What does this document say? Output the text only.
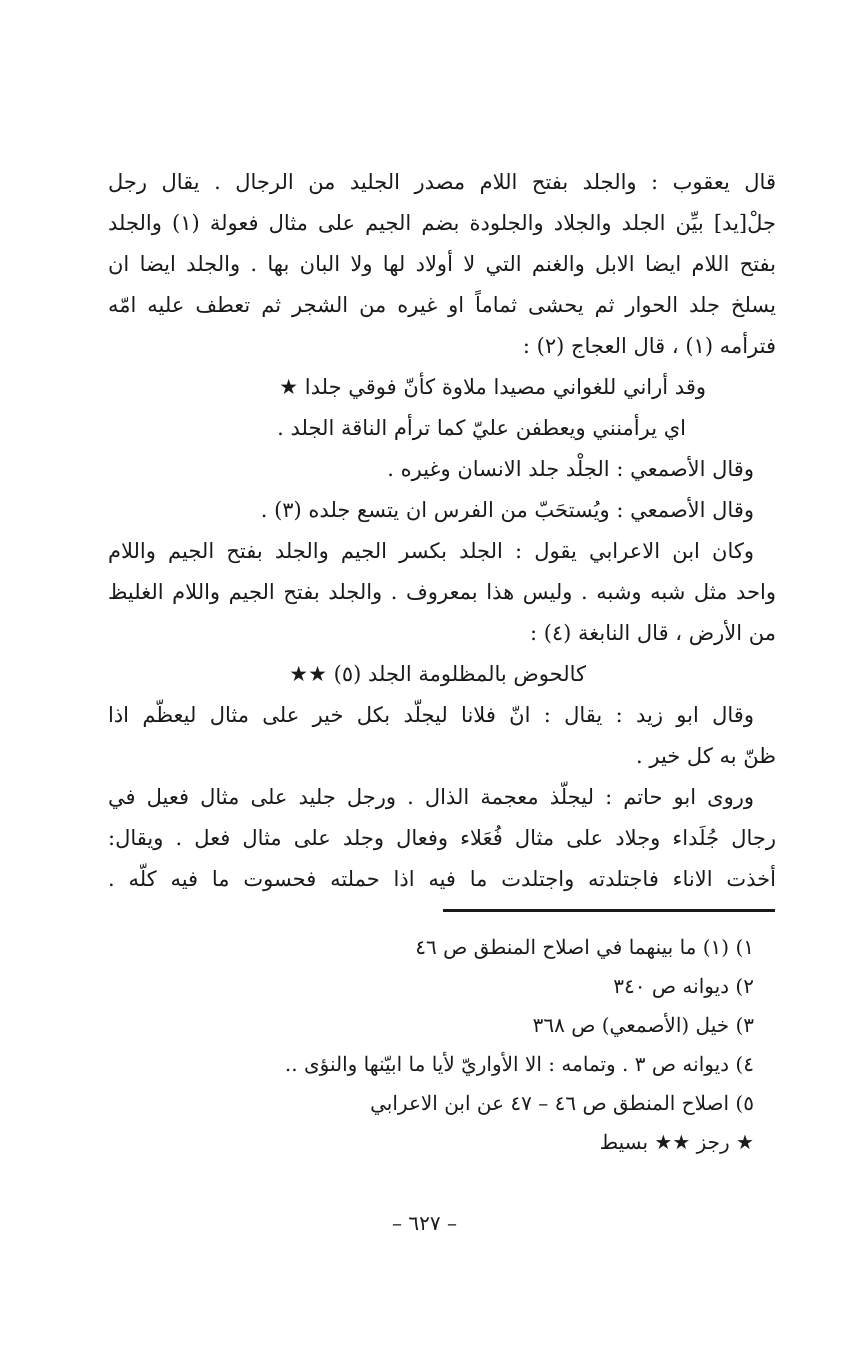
قال يعقوب : والجلد بفتح اللام مصدر الجليد من الرجال . يقال رجل
جلْ[يد] بيِّن الجلد والجلاد والجلودة بضم الجيم على مثال فعولة (١) والجلد
بفتح اللام ايضا الابل والغنم التي لا أولاد لها ولا البان بها . والجلد ايضا ان
يسلخ جلد الحوار ثم يحشى ثماماً او غيره من الشجر ثم تعطف عليه امّه
فترأمه (١) ، قال العجاج (٢) :
وقد أراني للغواني مصيدا ملاوة كأنّ فوقي جلدا ★
اي يرأمنني ويعطفن عليّ كما ترأم الناقة الجلد .
وقال الأصمعي : الجلْد جلد الانسان وغيره .
وقال الأصمعي : ويُستحَبّ من الفرس ان يتسع جلده (٣) .
وكان ابن الاعرابي يقول : الجلد بكسر الجيم والجلد بفتح الجيم واللام
واحد مثل شبه وشبه . وليس هذا بمعروف . والجلد بفتح الجيم واللام الغليظ
من الأرض ، قال النابغة (٤) :
كالحوض بالمظلومة الجلد (٥) ★★
وقال ابو زيد : يقال : انّ فلانا ليجلّد بكل خير على مثال ليعظّم اذا
ظنّ به كل خير .
وروى ابو حاتم : ليجلّذ معجمة الذال . ورجل جليد على مثال فعيل في
رجال جُلَداء وجلاد على مثال فُعَلاء وفعال وجلد على مثال فعل . ويقال:
أخذت الاناء فاجتلدته واجتلدت ما فيه اذا حملته فحسوت ما فيه كلّه .
١) (١) ما بينهما في اصلاح المنطق ص ٤٦
٢) ديوانه ص ٣٤٠
٣) خيل (الأصمعي) ص ٣٦٨
٤) ديوانه ص ٣ . وتمامه : الا الأواريّ لأيا ما ابيّنها والنؤى ..
٥) اصلاح المنطق ص ٤٦ – ٤٧ عن ابن الاعرابي
★ رجز ★★ بسيط
– ٦٢٧ –
